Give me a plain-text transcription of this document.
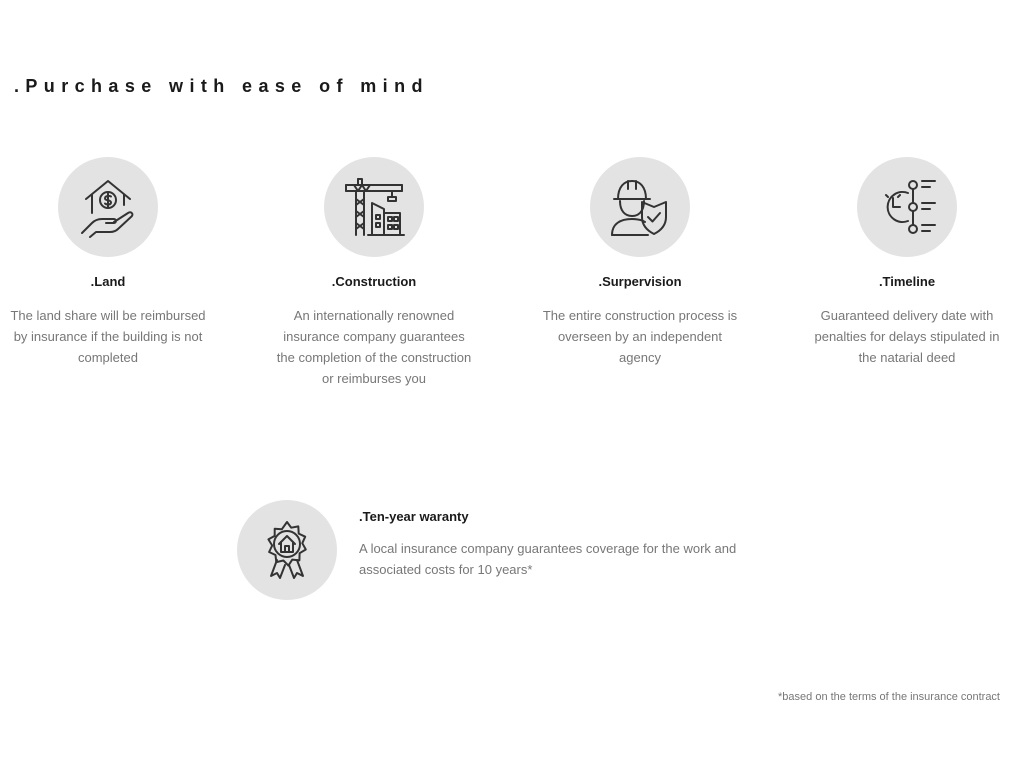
.Purchase with ease of mind
.Land
The land share will be reimbursed by insurance if the building is not completed
.Construction
An internationally renowned insurance company guarantees the completion of the construction or reimburses you
.Surpervision
The entire construction process is overseen by an independent agency
.Timeline
Guaranteed delivery date with penalties for delays stipulated in the natarial deed
.Ten-year waranty
A local insurance company guarantees coverage for the work and associated costs for 10 years*
*based on the terms of the insurance contract
